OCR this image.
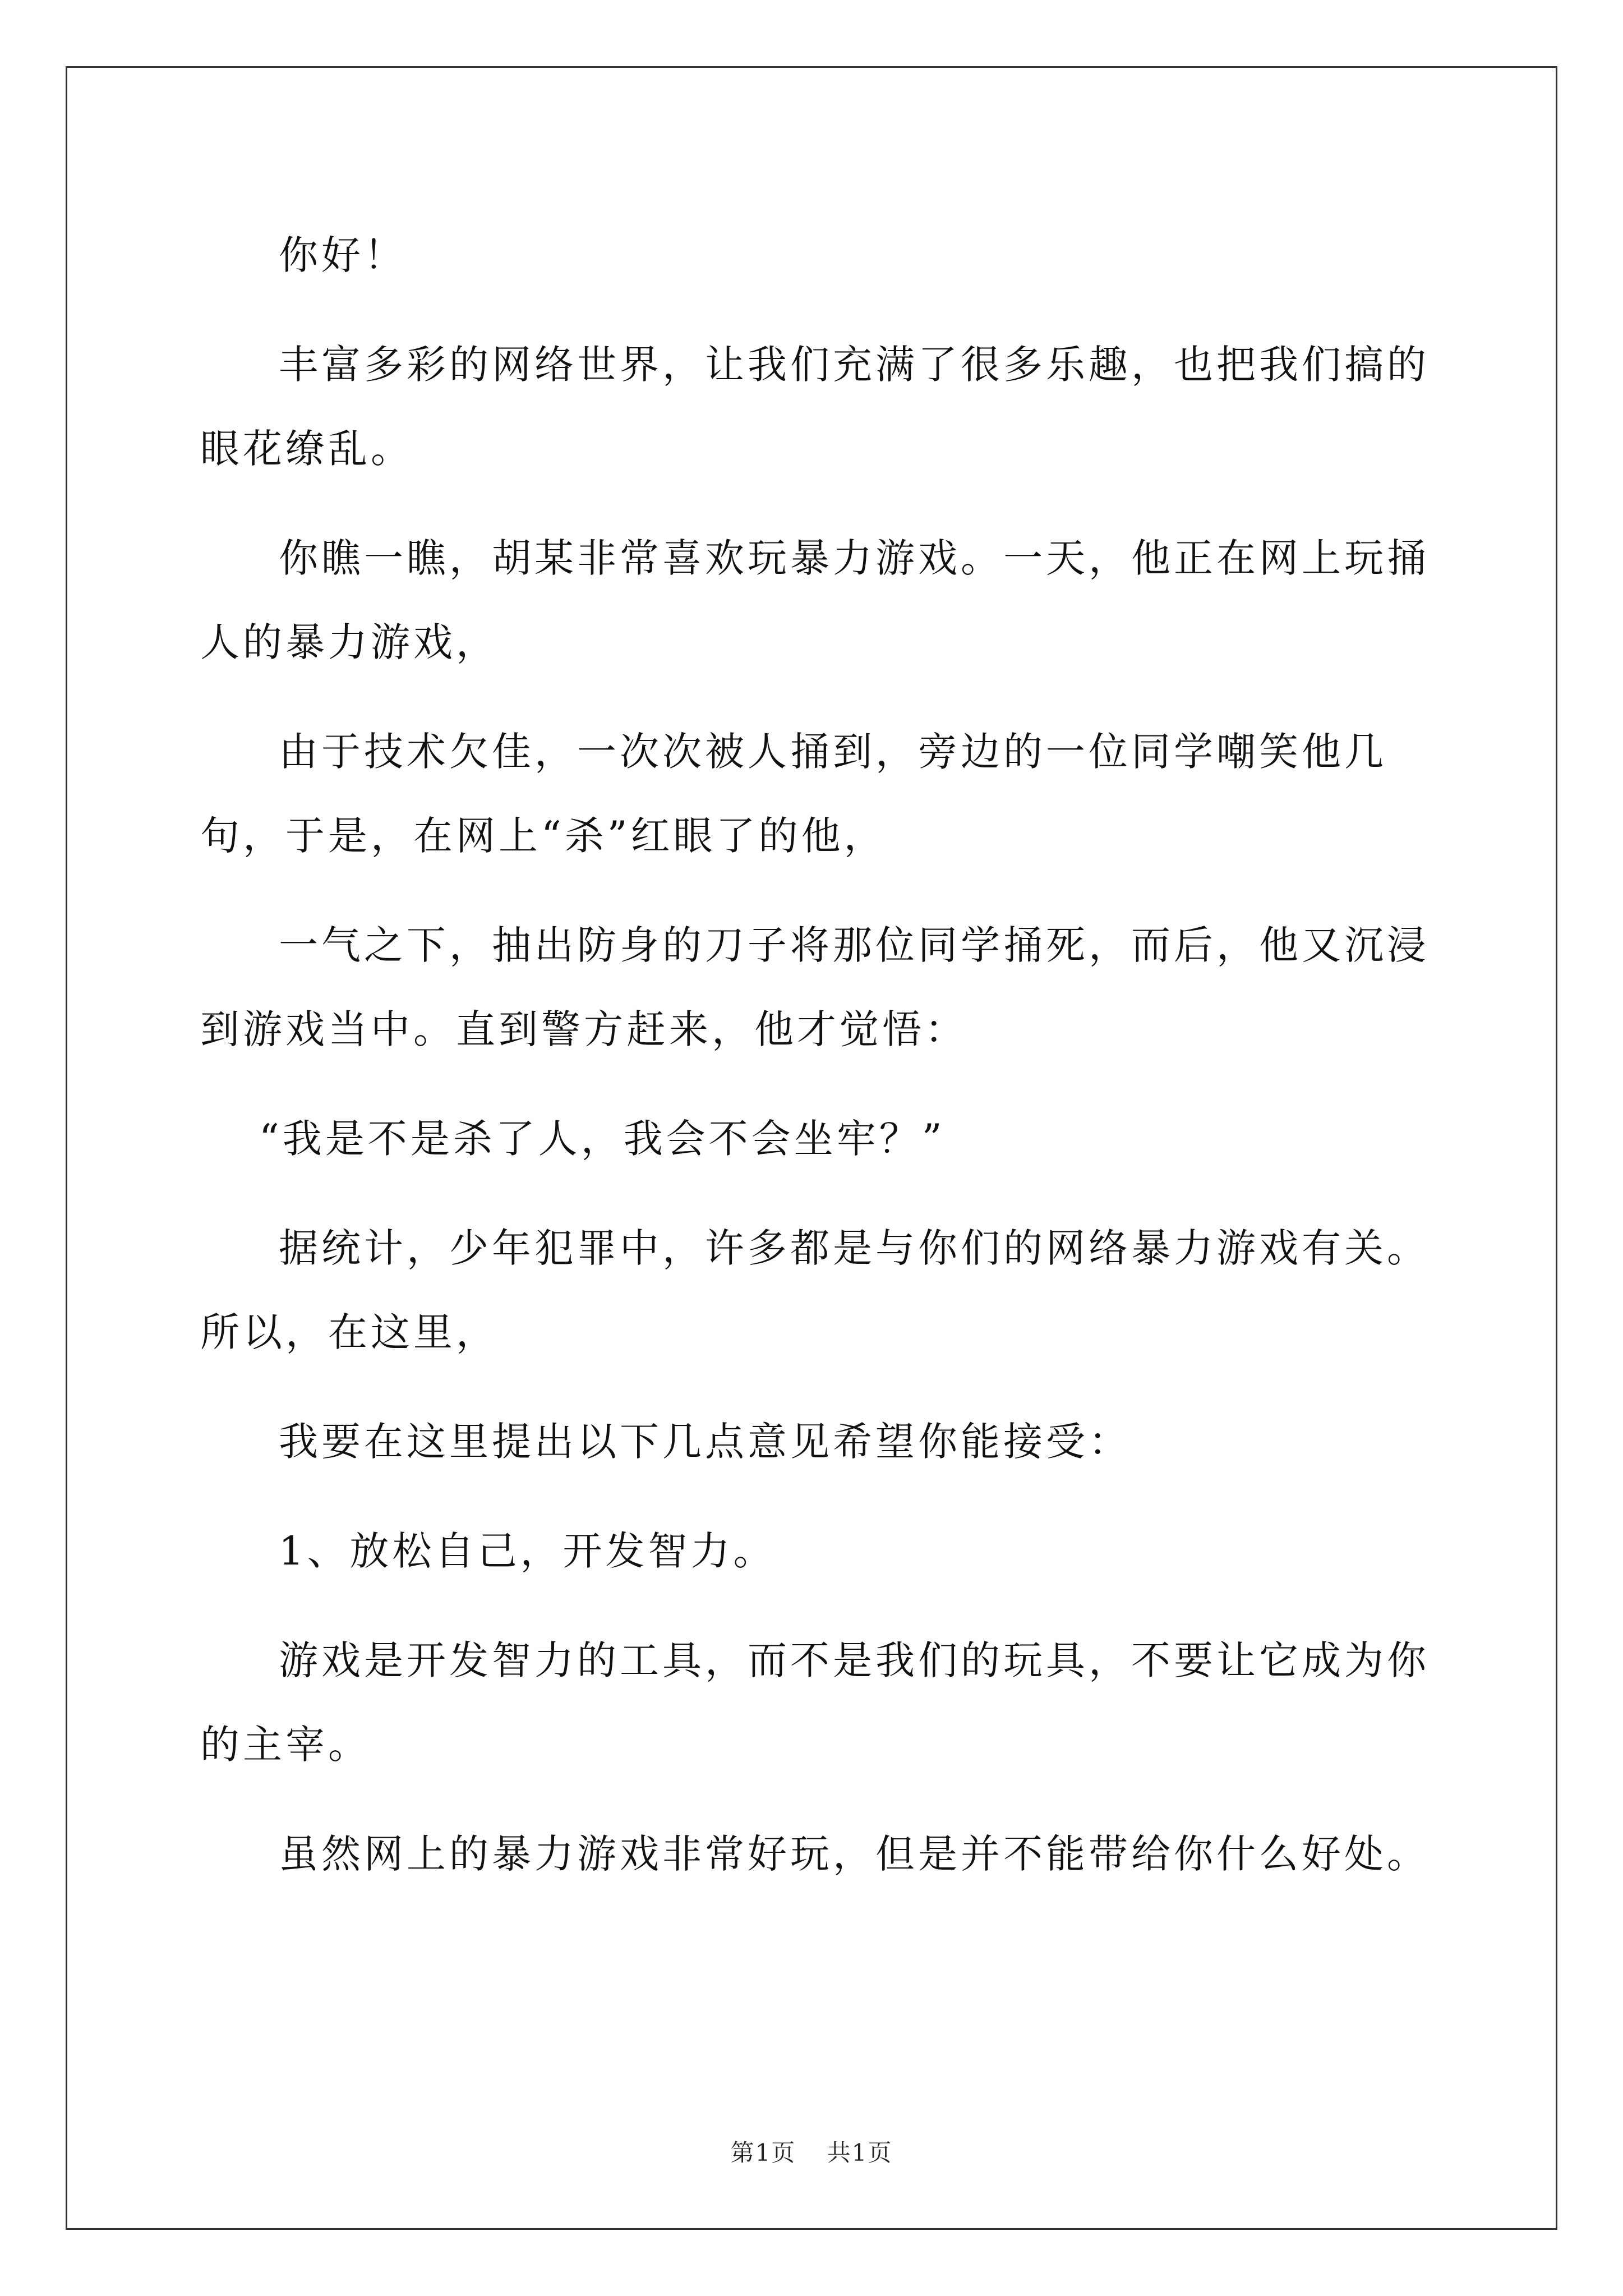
你好！

丰富多彩的网络世界，让我们充满了很多乐趣，也把我们搞的眼花缭乱。

你瞧一瞧，胡某非常喜欢玩暴力游戏。一天，他正在网上玩捅人的暴力游戏，

由于技术欠佳，一次次被人捅到，旁边的一位同学嘲笑他几句，于是，在网上“杀”红眼了的他，

一气之下，抽出防身的刀子将那位同学捅死，而后，他又沉浸到游戏当中。直到警方赶来，他才觉悟：

“我是不是杀了人，我会不会坐牢？”

据统计，少年犯罪中，许多都是与你们的网络暴力游戏有关。所以，在这里，

我要在这里提出以下几点意见希望你能接受：

1、放松自己，开发智力。

游戏是开发智力的工具，而不是我们的玩具，不要让它成为你的主宰。

虽然网上的暴力游戏非常好玩，但是并不能带给你什么好处。

第1页 共1页
